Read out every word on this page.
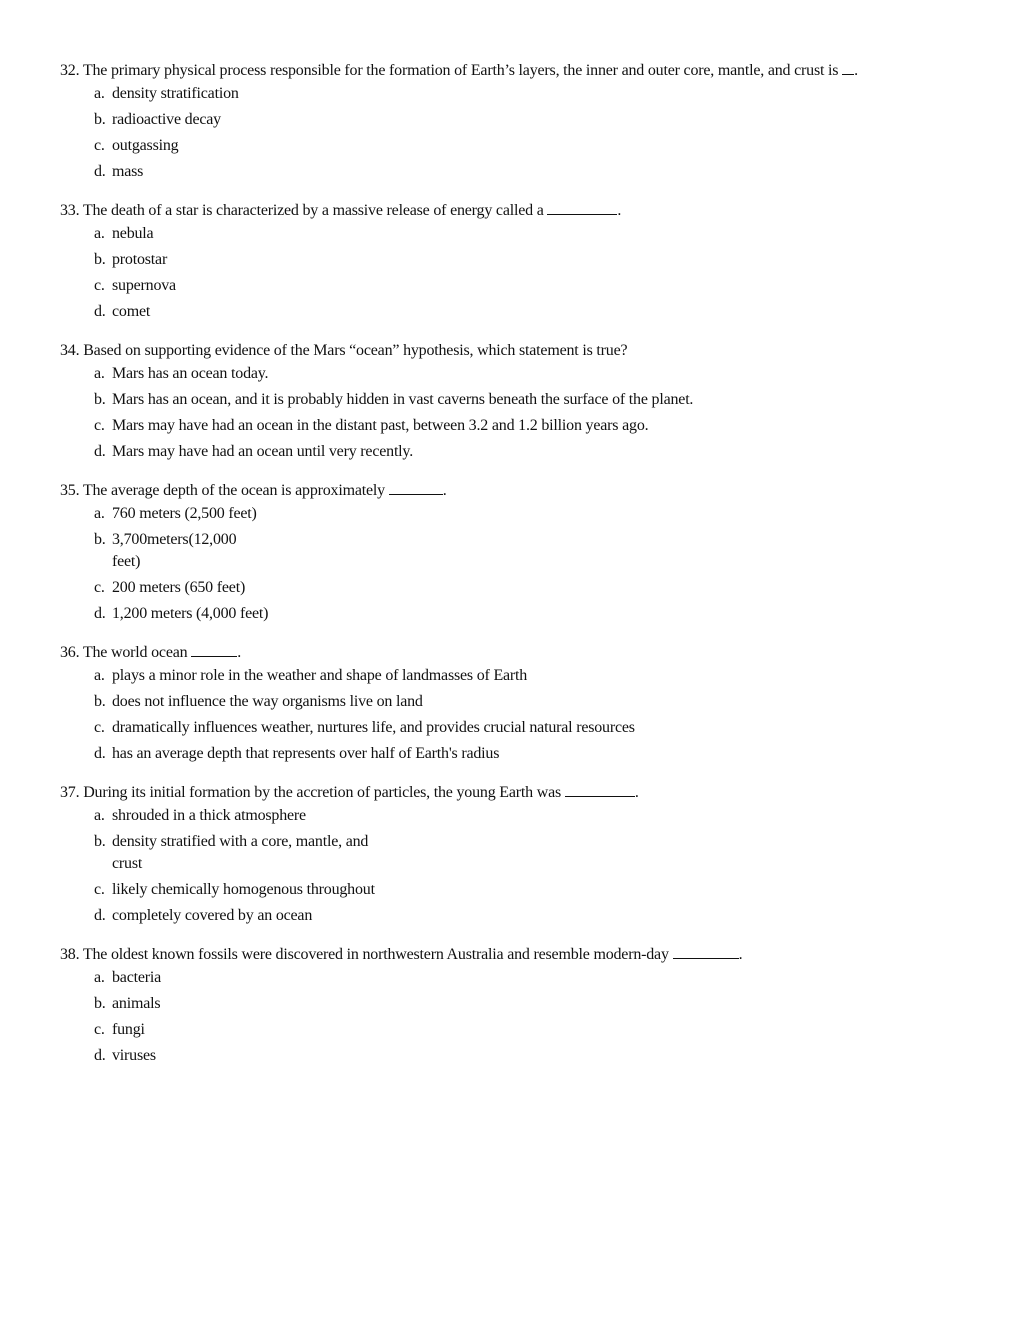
32. The primary physical process responsible for the formation of Earth’s layers, the inner and outer core, mantle, and crust is .
a. density stratification
b. radioactive decay
c. outgassing
d. mass
33. The death of a star is characterized by a massive release of energy called a	.
a. nebula
b. protostar
c. supernova
d. comet
34. Based on supporting evidence of the Mars “ocean” hypothesis, which statement is true?
a. Mars has an ocean today.
b. Mars has an ocean, and it is probably hidden in vast caverns beneath the surface of the planet.
c. Mars may have had an ocean in the distant past, between 3.2 and 1.2 billion years ago.
d. Mars may have had an ocean until very recently.
35. The average depth of the ocean is approximately	.
a. 760 meters (2,500 feet)
b. 3,700meters(12,000 feet)
c. 200 meters (650 feet)
d. 1,200 meters (4,000 feet)
36. The world ocean	.
a. plays a minor role in the weather and shape of landmasses of Earth
b. does not influence the way organisms live on land
c. dramatically influences weather, nurtures life, and provides crucial natural resources
d. has an average depth that represents over half of Earth's radius
37. During its initial formation by the accretion of particles, the young Earth was	.
a. shrouded in a thick atmosphere
b. density stratified with a core, mantle, and crust
c. likely chemically homogenous throughout
d. completely covered by an ocean
38. The oldest known fossils were discovered in northwestern Australia and resemble modern-day	.
a. bacteria
b. animals
c. fungi
d. viruses
